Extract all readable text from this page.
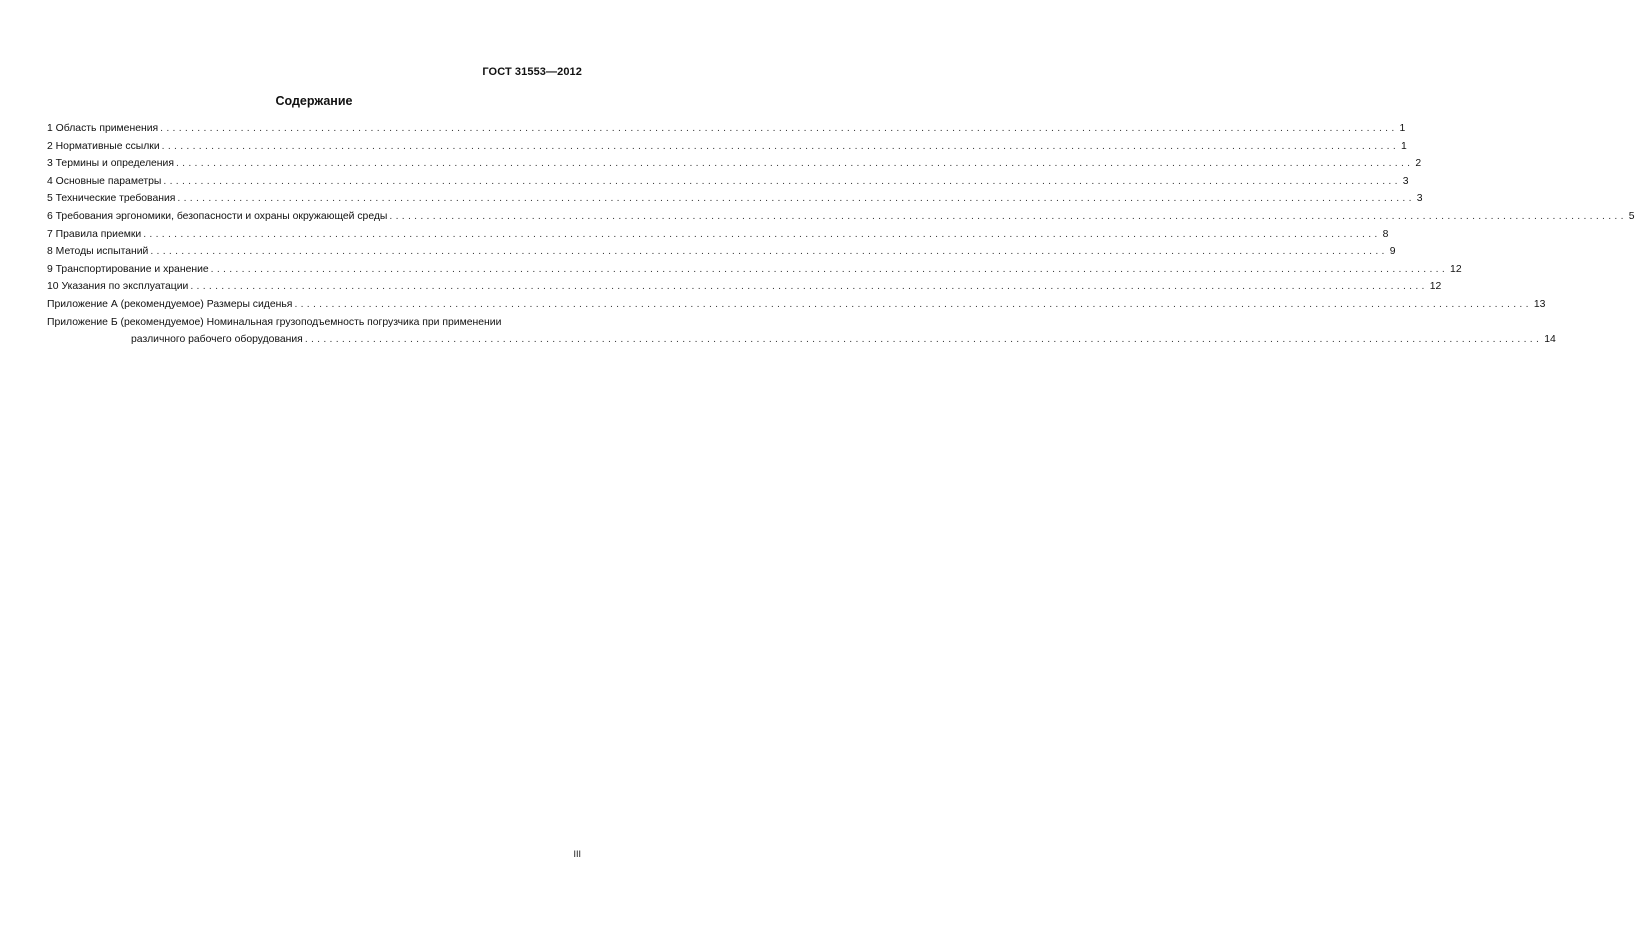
ГОСТ 31553—2012
Содержание
1 Область применения ........................................................................................................................................................................................................ 1
2 Нормативные ссылки ........................................................................................................................................................................................................ 1
3 Термины и определения ........................................................................................................................................................................................................ 2
4 Основные параметры ........................................................................................................................................................................................................ 3
5 Технические требования ........................................................................................................................................................................................................ 3
6 Требования эргономики, безопасности и охраны окружающей среды ........................................................................................................................................................................................................ 5
7 Правила приемки ........................................................................................................................................................................................................ 8
8 Методы испытаний ........................................................................................................................................................................................................ 9
9 Транспортирование и хранение ........................................................................................................................................................................................................ 12
10 Указания по эксплуатации ........................................................................................................................................................................................................ 12
Приложение А (рекомендуемое) Размеры сиденья ........................................................................................................................................................................................................ 13
Приложение Б (рекомендуемое) Номинальная грузоподъемность погрузчика при применении
различного рабочего оборудования ........................................................................................................................................................................................................ 14
III
